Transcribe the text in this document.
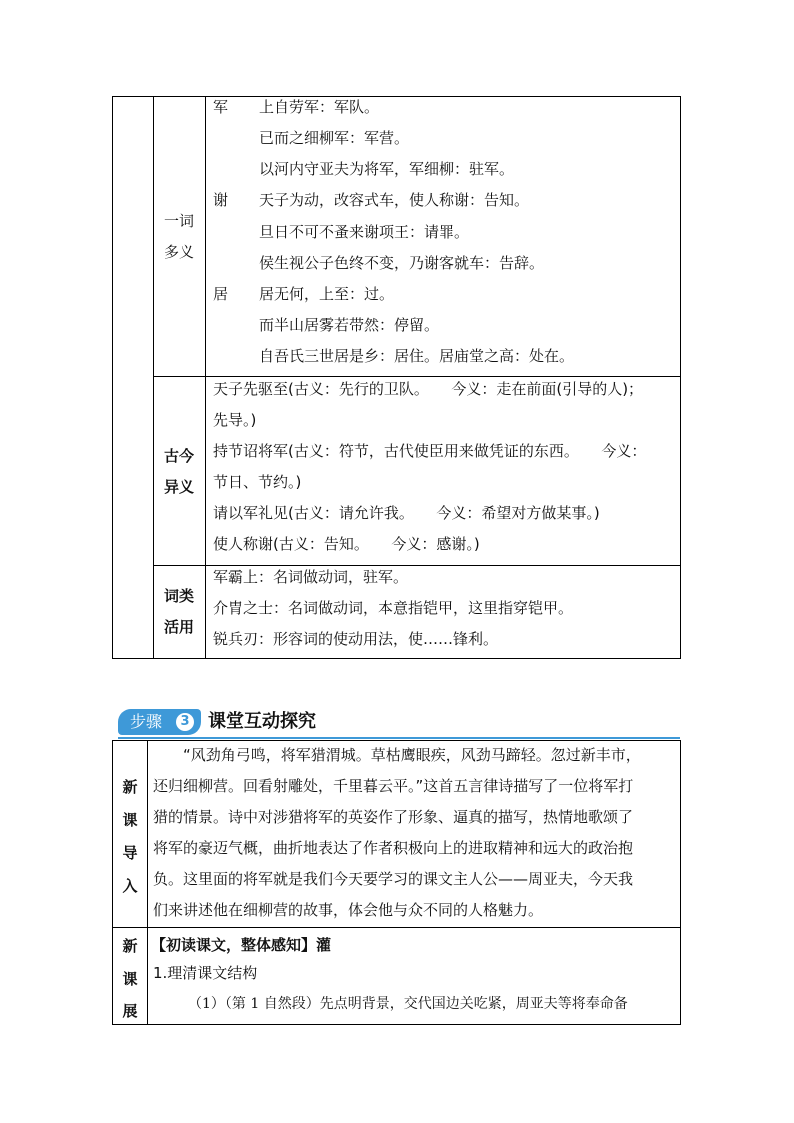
一词
多义
军 上自劳军：军队。
已而之细柳军：军营。
以河内守亚夫为将军，军细柳：驻军。
谢 天子为动，改容式车，使人称谢：告知。
旦日不可不蚤来谢项王：请罪。
侯生视公子色终不变，乃谢客就车：告辞。
居 居无何，上至：过。
而半山居雾若带然：停留。
自吾氏三世居是乡：居住。居庙堂之高：处在。
古今
异义
天子先驱至(古义：先行的卫队。　　今义：走在前面(引导的人)；
先导。)
持节诏将军(古义：符节，古代使臣用来做凭证的东西。　　今义：
节日、节约。)
请以军礼见(古义：请允许我。　　今义：希望对方做某事。)
使人称谢(古义：告知。　　今义：感谢。)
词类
活用
军霸上：名词做动词，驻军。
介胄之士：名词做动词，本意指铠甲，这里指穿铠甲。
锐兵刃：形容词的使动用法，使……锋利。
步骤	3 课堂互动探究
新
课
导
入
“风劲角弓鸣，将军猎渭城。草枯鹰眼疾，风劲马蹄轻。忽过新丰市，
还归细柳营。回看射雕处，千里暮云平。”这首五言律诗描写了一位将军打
猎的情景。诗中对涉猎将军的英姿作了形象、逼真的描写，热情地歌颂了
将军的豪迈气概，曲折地表达了作者积极向上的进取精神和远大的政治抱
负。这里面的将军就是我们今天要学习的课文主人公——周亚夫，今天我
们来讲述他在细柳营的故事，体会他与众不同的人格魅力。
新
课
展
【初读课文，整体感知】灌
1.理清课文结构
（1）（第 1 自然段）先点明背景，交代国边关吃紧，周亚夫等将奉命备
